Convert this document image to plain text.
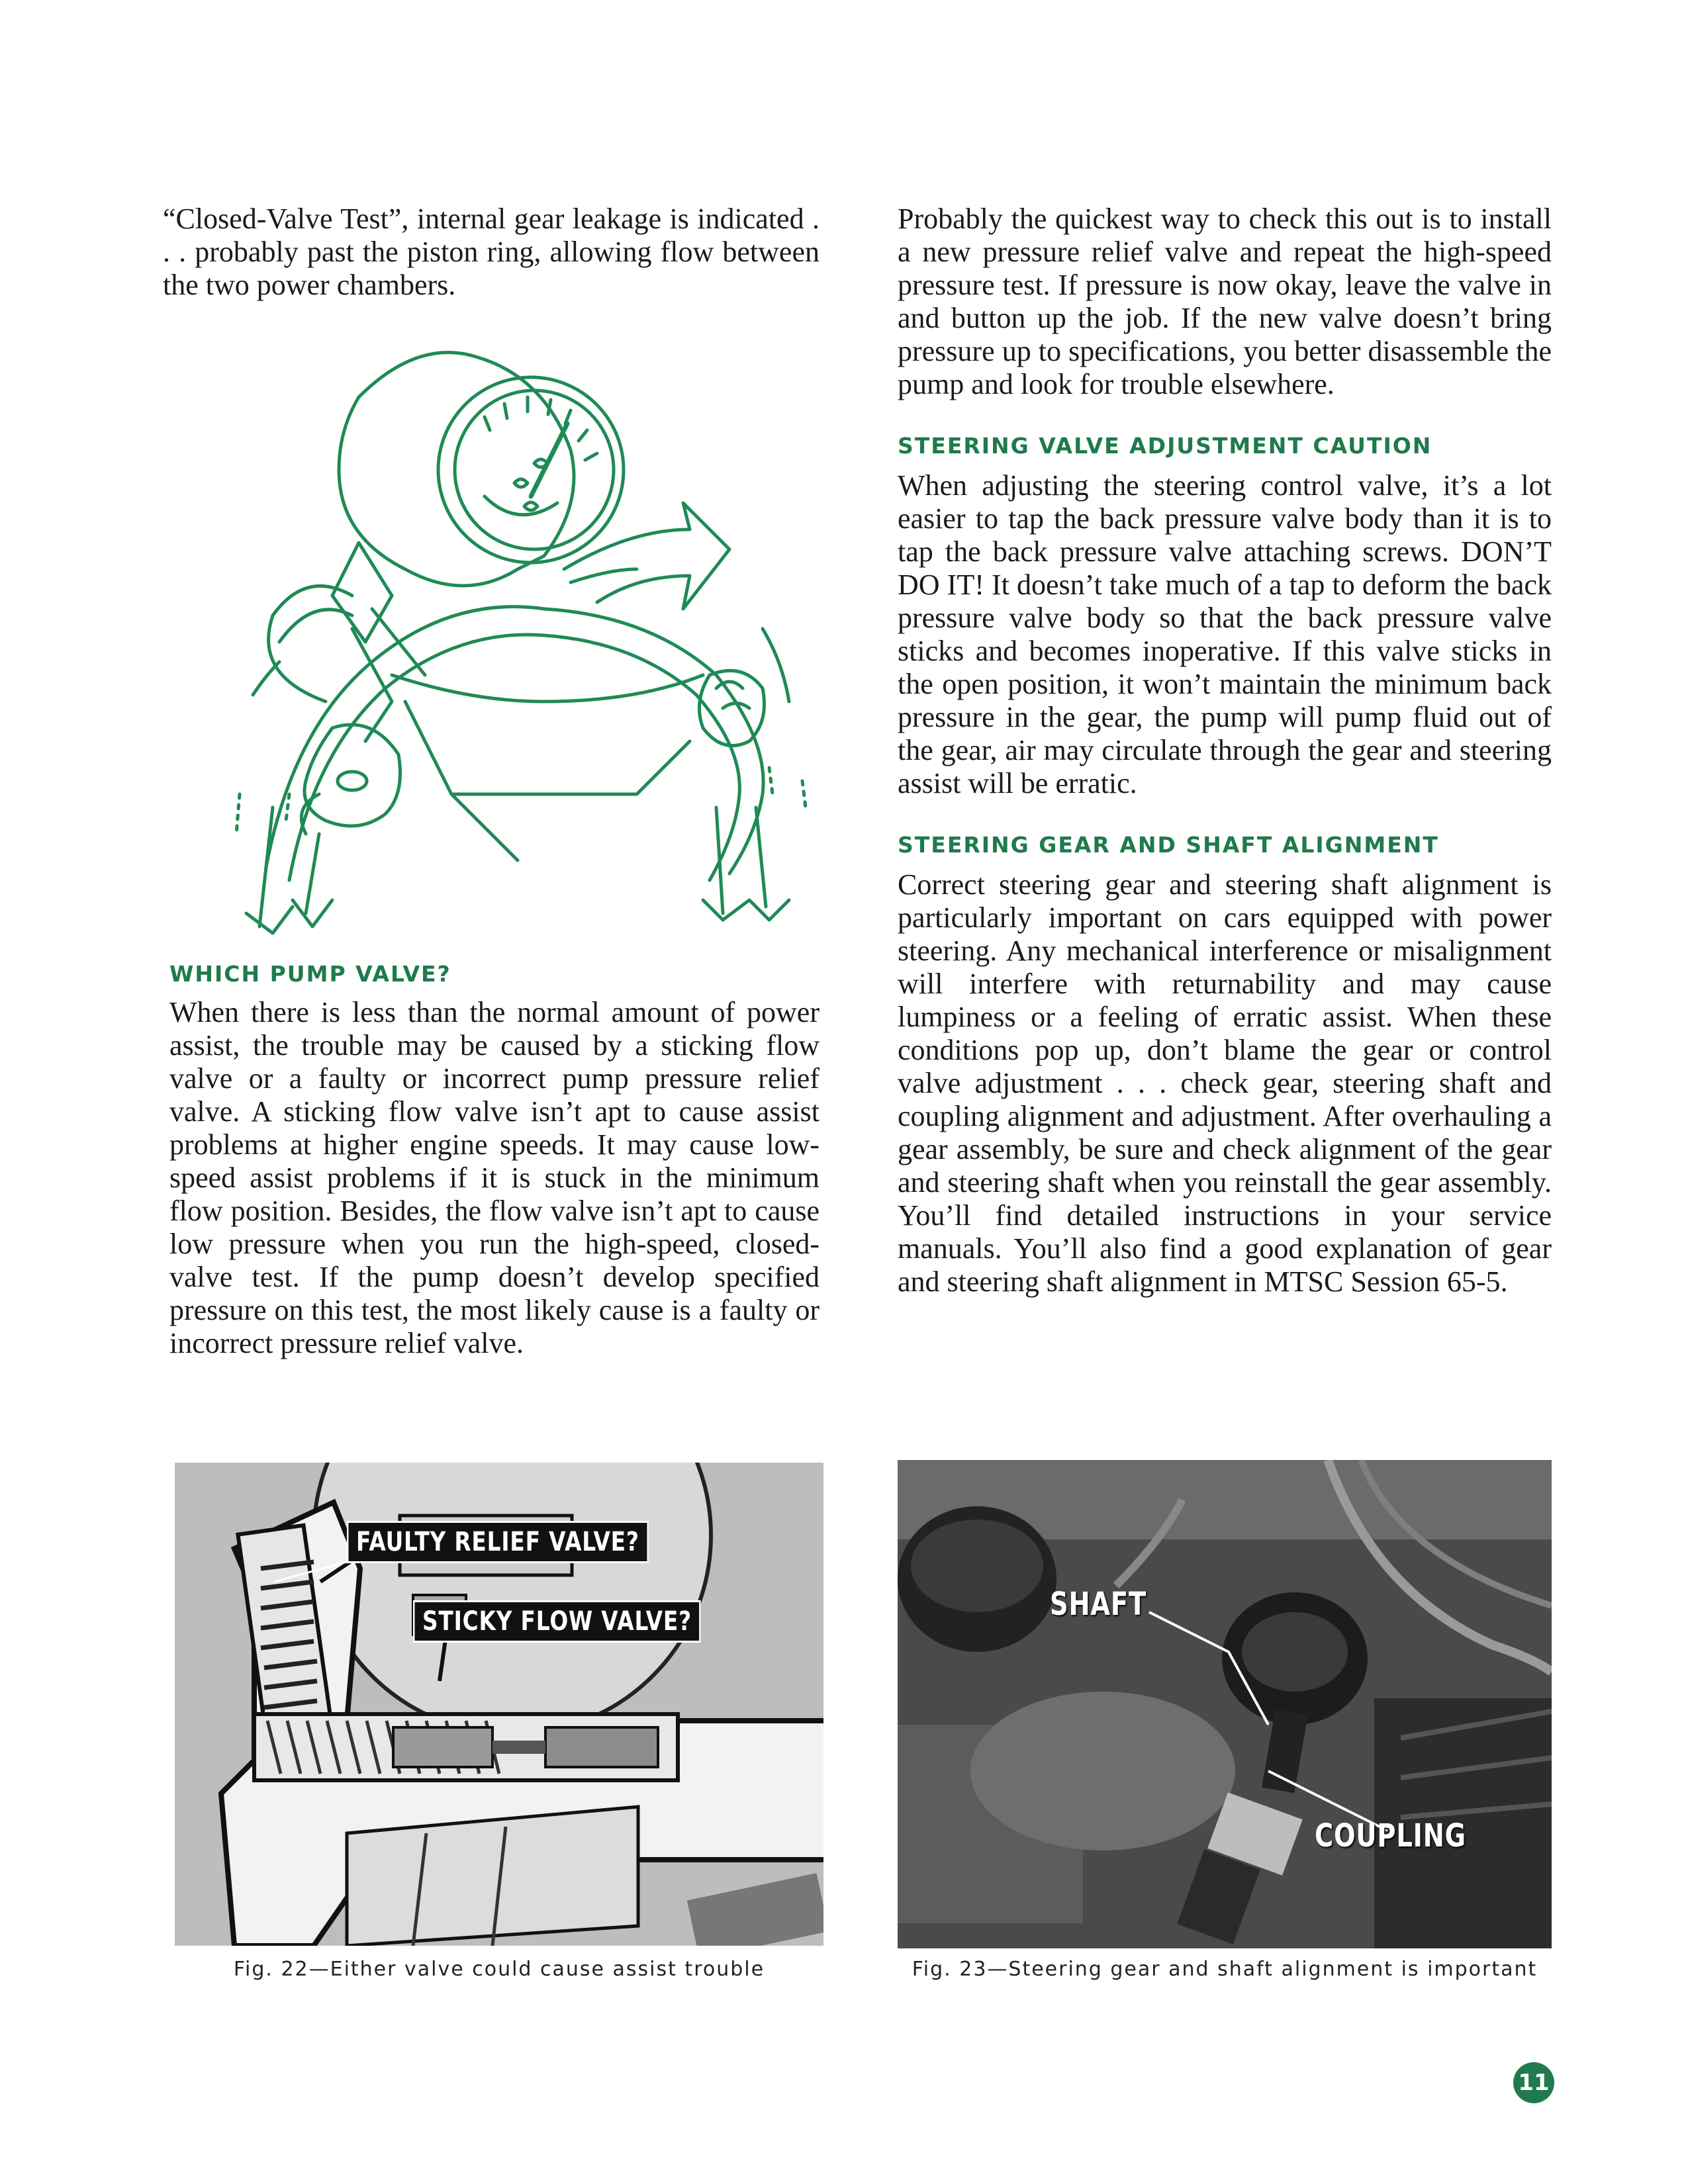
“Closed-Valve Test”, internal gear leakage is indicated . . . probably past the piston ring, allowing flow between the two power chambers.

WHICH PUMP VALVE?

When there is less than the normal amount of power assist, the trouble may be caused by a sticking flow valve or a faulty or incorrect pump pressure relief valve. A sticking flow valve isn’t apt to cause assist problems at higher engine speeds. It may cause low-speed assist problems if it is stuck in the minimum flow position. Besides, the flow valve isn’t apt to cause low pressure when you run the high-speed, closed-valve test. If the pump doesn’t develop specified pressure on this test, the most likely cause is a faulty or incorrect pressure relief valve.

Probably the quickest way to check this out is to install a new pressure relief valve and repeat the high-speed pressure test. If pressure is now okay, leave the valve in and button up the job. If the new valve doesn’t bring pressure up to specifications, you better disassemble the pump and look for trouble elsewhere.

STEERING VALVE ADJUSTMENT CAUTION

When adjusting the steering control valve, it’s a lot easier to tap the back pressure valve body than it is to tap the back pressure valve attaching screws. DON’T DO IT! It doesn’t take much of a tap to deform the back pressure valve body so that the back pressure valve sticks and becomes inoperative. If this valve sticks in the open position, it won’t maintain the minimum back pressure in the gear, the pump will pump fluid out of the gear, air may circulate through the gear and steering assist will be erratic.

STEERING GEAR AND SHAFT ALIGNMENT

Correct steering gear and steering shaft alignment is particularly important on cars equipped with power steering. Any mechanical interference or misalignment will interfere with returnability and may cause lumpiness or a feeling of erratic assist. When these conditions pop up, don’t blame the gear or control valve adjustment . . . check gear, steering shaft and coupling alignment and adjustment. After overhauling a gear assembly, be sure and check alignment of the gear and steering shaft when you reinstall the gear assembly. You’ll find detailed instructions in your service manuals. You’ll also find a good explanation of gear and steering shaft alignment in MTSC Session 65-5.

FAULTY RELIEF VALVE?
STICKY FLOW VALVE?
Fig. 22—Either valve could cause assist trouble
SHAFT
COUPLING
Fig. 23—Steering gear and shaft alignment is important
11
